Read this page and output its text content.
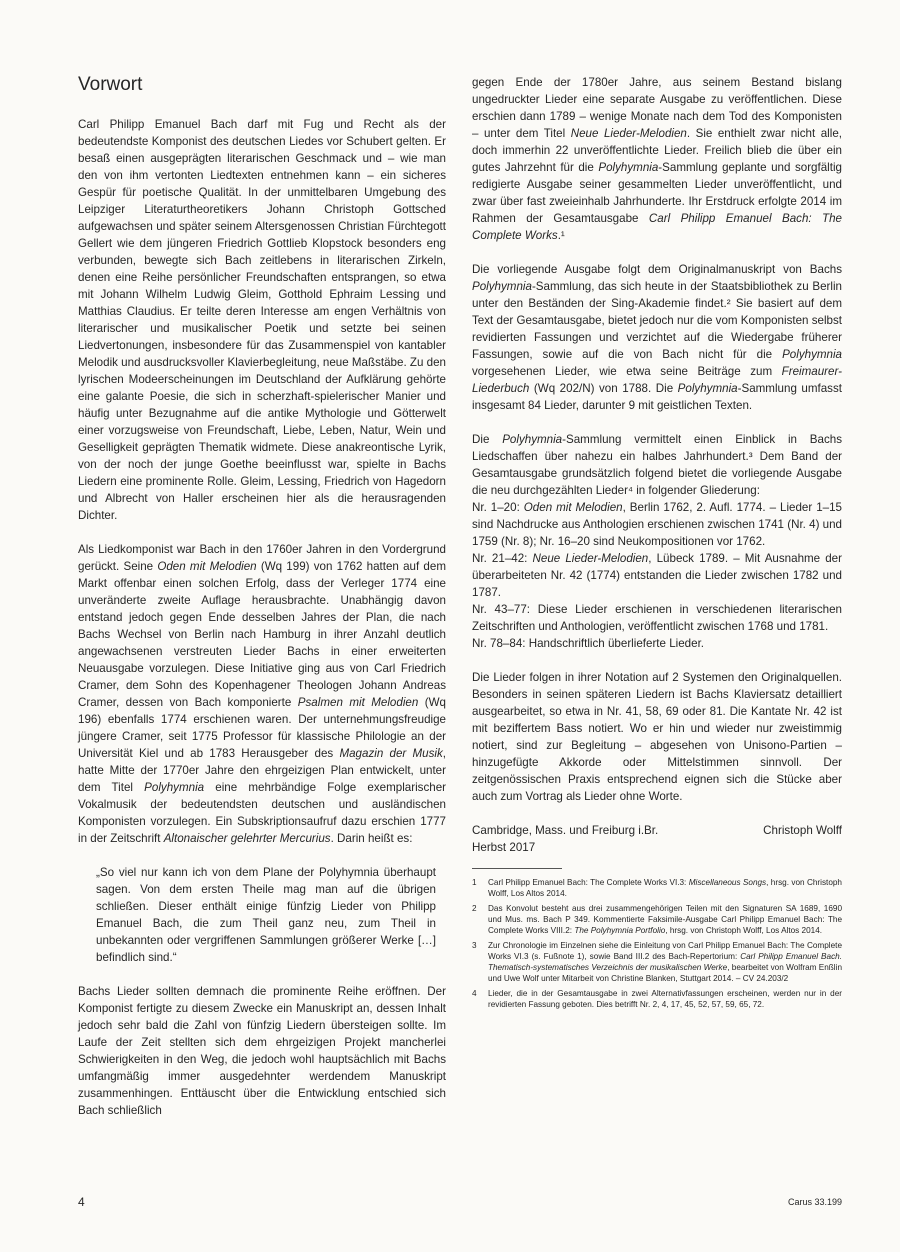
Vorwort

Carl Philipp Emanuel Bach darf mit Fug und Recht als der bedeutendste Komponist des deutschen Liedes vor Schubert gelten. Er besaß einen ausgeprägten literarischen Geschmack und – wie man den von ihm vertonten Liedtexten entnehmen kann – ein sicheres Gespür für poetische Qualität. In der unmittelbaren Umgebung des Leipziger Literaturtheoretikers Johann Christoph Gottsched aufgewachsen und später seinem Altersgenossen Christian Fürchtegott Gellert wie dem jüngeren Friedrich Gottlieb Klopstock besonders eng verbunden, bewegte sich Bach zeitlebens in literarischen Zirkeln, denen eine Reihe persönlicher Freundschaften entsprangen, so etwa mit Johann Wilhelm Ludwig Gleim, Gotthold Ephraim Lessing und Matthias Claudius. Er teilte deren Interesse am engen Verhältnis von literarischer und musikalischer Poetik und setzte bei seinen Liedvertonungen, insbesondere für das Zusammenspiel von kantabler Melodik und ausdrucksvoller Klavierbegleitung, neue Maßstäbe. Zu den lyrischen Modeerscheinungen im Deutschland der Aufklärung gehörte eine galante Poesie, die sich in scherzhaft-spielerischer Manier und häufig unter Bezugnahme auf die antike Mythologie und Götterwelt einer vorzugsweise von Freundschaft, Liebe, Leben, Natur, Wein und Geselligkeit geprägten Thematik widmete. Diese anakreontische Lyrik, von der noch der junge Goethe beeinflusst war, spielte in Bachs Liedern eine prominente Rolle. Gleim, Lessing, Friedrich von Hagedorn und Albrecht von Haller erscheinen hier als die herausragenden Dichter.

Als Liedkomponist war Bach in den 1760er Jahren in den Vordergrund gerückt. Seine Oden mit Melodien (Wq 199) von 1762 hatten auf dem Markt offenbar einen solchen Erfolg, dass der Verleger 1774 eine unveränderte zweite Auflage herausbrachte. Unabhängig davon entstand jedoch gegen Ende desselben Jahres der Plan, die nach Bachs Wechsel von Berlin nach Hamburg in ihrer Anzahl deutlich angewachsenen verstreuten Lieder Bachs in einer erweiterten Neuausgabe vorzulegen. Diese Initiative ging aus von Carl Friedrich Cramer, dem Sohn des Kopenhagener Theologen Johann Andreas Cramer, dessen von Bach komponierte Psalmen mit Melodien (Wq 196) ebenfalls 1774 erschienen waren. Der unternehmungsfreudige jüngere Cramer, seit 1775 Professor für klassische Philologie an der Universität Kiel und ab 1783 Herausgeber des Magazin der Musik, hatte Mitte der 1770er Jahre den ehrgeizigen Plan entwickelt, unter dem Titel Polyhymnia eine mehrbändige Folge exemplarischer Vokalmusik der bedeutendsten deutschen und ausländischen Komponisten vorzulegen. Ein Subskriptionsaufruf dazu erschien 1777 in der Zeitschrift Altonaischer gelehrter Mercurius. Darin heißt es:

„So viel nur kann ich von dem Plane der Polyhymnia überhaupt sagen. Von dem ersten Theile mag man auf die übrigen schließen. Dieser enthält einige fünfzig Lieder von Philipp Emanuel Bach, die zum Theil ganz neu, zum Theil in unbekannten oder vergriffenen Sammlungen größerer Werke […] befindlich sind.“

Bachs Lieder sollten demnach die prominente Reihe eröffnen. Der Komponist fertigte zu diesem Zwecke ein Manuskript an, dessen Inhalt jedoch sehr bald die Zahl von fünfzig Liedern übersteigen sollte. Im Laufe der Zeit stellten sich dem ehrgeizigen Projekt mancherlei Schwierigkeiten in den Weg, die jedoch wohl hauptsächlich mit Bachs umfangmäßig immer ausgedehnter werdendem Manuskript zusammenhingen. Enttäuscht über die Entwicklung entschied sich Bach schließlich

gegen Ende der 1780er Jahre, aus seinem Bestand bislang ungedruckter Lieder eine separate Ausgabe zu veröffentlichen. Diese erschien dann 1789 – wenige Monate nach dem Tod des Komponisten – unter dem Titel Neue Lieder-Melodien. Sie enthielt zwar nicht alle, doch immerhin 22 unveröffentlichte Lieder. Freilich blieb die über ein gutes Jahrzehnt für die Polyhymnia-Sammlung geplante und sorgfältig redigierte Ausgabe seiner gesammelten Lieder unveröffentlicht, und zwar über fast zweieinhalb Jahrhunderte. Ihr Erstdruck erfolgte 2014 im Rahmen der Gesamtausgabe Carl Philipp Emanuel Bach: The Complete Works.¹

Die vorliegende Ausgabe folgt dem Originalmanuskript von Bachs Polyhymnia-Sammlung, das sich heute in der Staatsbibliothek zu Berlin unter den Beständen der Sing-Akademie findet.² Sie basiert auf dem Text der Gesamtausgabe, bietet jedoch nur die vom Komponisten selbst revidierten Fassungen und verzichtet auf die Wiedergabe früherer Fassungen, sowie auf die von Bach nicht für die Polyhymnia vorgesehenen Lieder, wie etwa seine Beiträge zum Freimaurer-Liederbuch (Wq 202/N) von 1788. Die Polyhymnia-Sammlung umfasst insgesamt 84 Lieder, darunter 9 mit geistlichen Texten.

Die Polyhymnia-Sammlung vermittelt einen Einblick in Bachs Liedschaffen über nahezu ein halbes Jahrhundert.³ Dem Band der Gesamtausgabe grundsätzlich folgend bietet die vorliegende Ausgabe die neu durchgezählten Lieder⁴ in folgender Gliederung:

Nr. 1–20: Oden mit Melodien, Berlin 1762, 2. Aufl. 1774. – Lieder 1–15 sind Nachdrucke aus Anthologien erschienen zwischen 1741 (Nr. 4) und 1759 (Nr. 8); Nr. 16–20 sind Neukompositionen vor 1762.

Nr. 21–42: Neue Lieder-Melodien, Lübeck 1789. – Mit Ausnahme der überarbeiteten Nr. 42 (1774) entstanden die Lieder zwischen 1782 und 1787.

Nr. 43–77: Diese Lieder erschienen in verschiedenen literarischen Zeitschriften und Anthologien, veröffentlicht zwischen 1768 und 1781.

Nr. 78–84: Handschriftlich überlieferte Lieder.

Die Lieder folgen in ihrer Notation auf 2 Systemen den Originalquellen. Besonders in seinen späteren Liedern ist Bachs Klaviersatz detailliert ausgearbeitet, so etwa in Nr. 41, 58, 69 oder 81. Die Kantate Nr. 42 ist mit beziffertem Bass notiert. Wo er hin und wieder nur zweistimmig notiert, sind zur Begleitung – abgesehen von Unisono-Partien – hinzugefügte Akkorde oder Mittelstimmen sinnvoll. Der zeitgenössischen Praxis entsprechend eignen sich die Stücke aber auch zum Vortrag als Lieder ohne Worte.

Cambridge, Mass. und Freiburg i.Br.	Christoph Wolff
Herbst 2017
1	Carl Philipp Emanuel Bach: The Complete Works VI.3: Miscellaneous Songs, hrsg. von Christoph Wolff, Los Altos 2014.
2	Das Konvolut besteht aus drei zusammengehörigen Teilen mit den Signaturen SA 1689, 1690 und Mus. ms. Bach P 349. Kommentierte Faksimile-Ausgabe Carl Philipp Emanuel Bach: The Complete Works VIII.2: The Polyhymnia Portfolio, hrsg. von Christoph Wolff, Los Altos 2014.
3	Zur Chronologie im Einzelnen siehe die Einleitung von Carl Philipp Emanuel Bach: The Complete Works VI.3 (s. Fußnote 1), sowie Band III.2 des Bach-Repertorium: Carl Philipp Emanuel Bach. Thematisch-systematisches Verzeichnis der musikalischen Werke, bearbeitet von Wolfram Enßlin und Uwe Wolf unter Mitarbeit von Christine Blanken, Stuttgart 2014. – CV 24.203/2
4	Lieder, die in der Gesamtausgabe in zwei Alternativfassungen erscheinen, werden nur in der revidierten Fassung geboten. Dies betrifft Nr. 2, 4, 17, 45, 52, 57, 59, 65, 72.
4	Carus 33.199
